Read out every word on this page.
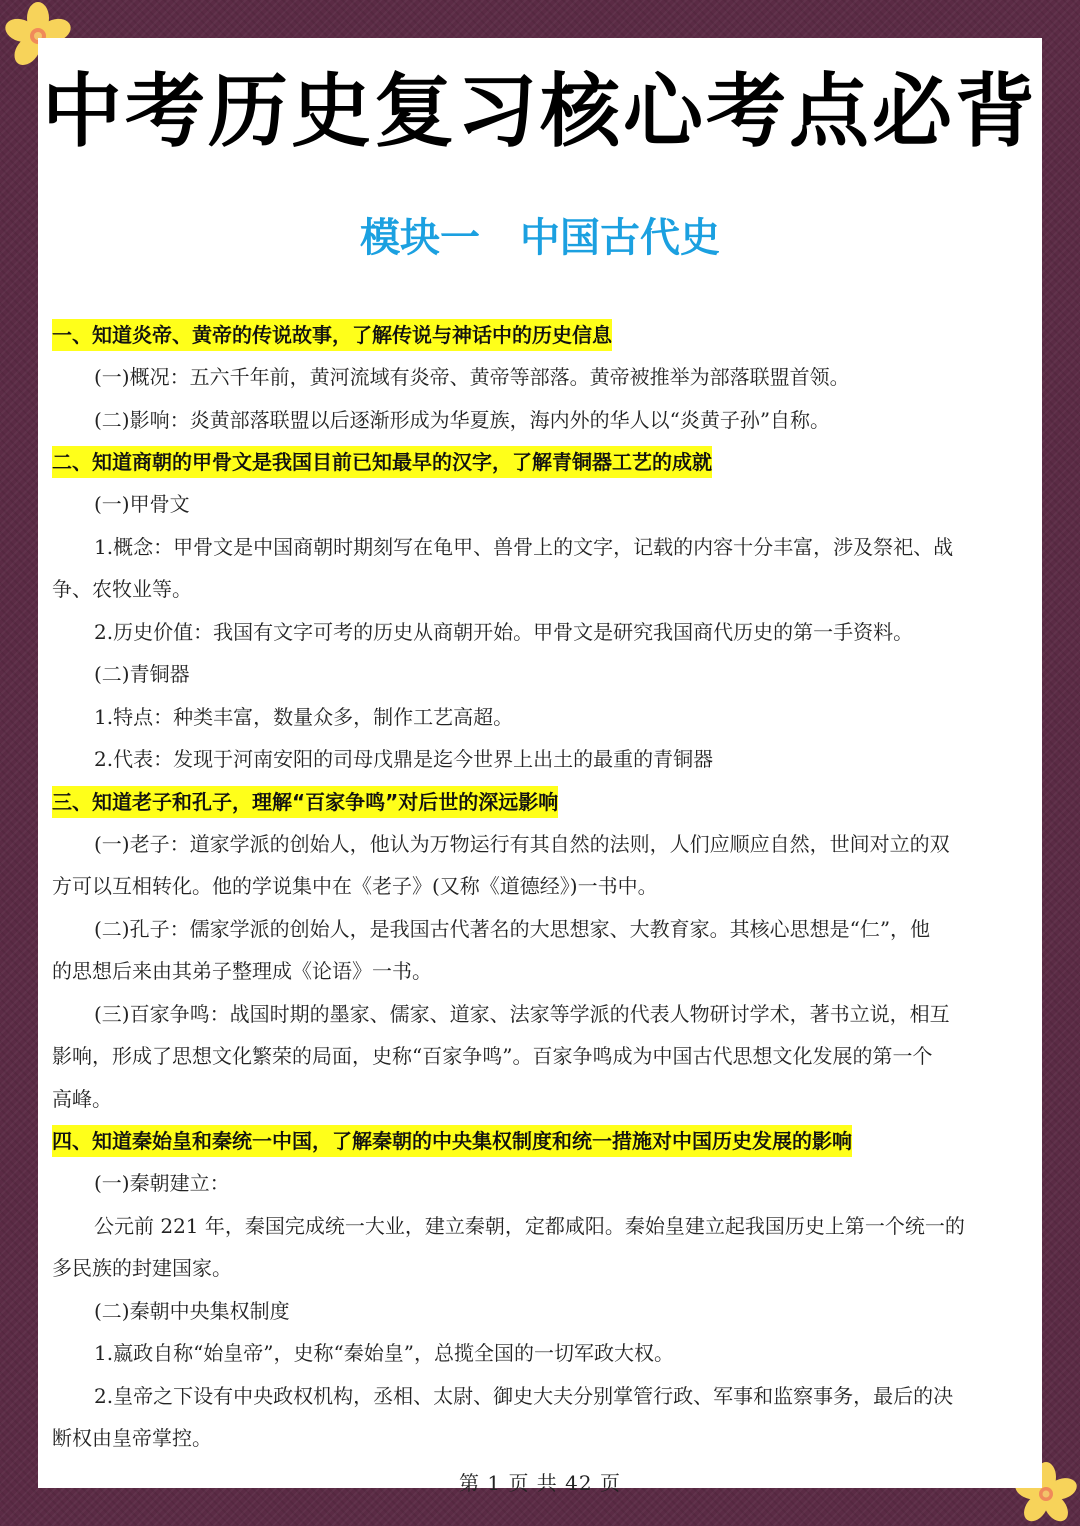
中考历史复习核心考点必背
模块一 中国古代史
一、知道炎帝、黄帝的传说故事，了解传说与神话中的历史信息
(一)概况：五六千年前，黄河流域有炎帝、黄帝等部落。黄帝被推举为部落联盟首领。
(二)影响：炎黄部落联盟以后逐渐形成为华夏族，海内外的华人以“炎黄子孙”自称。
二、知道商朝的甲骨文是我国目前已知最早的汉字，了解青铜器工艺的成就
(一)甲骨文
1.概念：甲骨文是中国商朝时期刻写在龟甲、兽骨上的文字，记载的内容十分丰富，涉及祭祀、战
争、农牧业等。
2.历史价值：我国有文字可考的历史从商朝开始。甲骨文是研究我国商代历史的第一手资料。
(二)青铜器
1.特点：种类丰富，数量众多，制作工艺高超。
2.代表：发现于河南安阳的司母戊鼎是迄今世界上出土的最重的青铜器
三、知道老子和孔子，理解“百家争鸣”对后世的深远影响
(一)老子：道家学派的创始人，他认为万物运行有其自然的法则，人们应顺应自然，世间对立的双
方可以互相转化。他的学说集中在《老子》(又称《道德经》)一书中。
(二)孔子：儒家学派的创始人，是我国古代著名的大思想家、大教育家。其核心思想是“仁”，他
的思想后来由其弟子整理成《论语》一书。
(三)百家争鸣：战国时期的墨家、儒家、道家、法家等学派的代表人物研讨学术，著书立说，相互
影响，形成了思想文化繁荣的局面，史称“百家争鸣”。百家争鸣成为中国古代思想文化发展的第一个
高峰。
四、知道秦始皇和秦统一中国，了解秦朝的中央集权制度和统一措施对中国历史发展的影响
(一)秦朝建立：
公元前 221 年，秦国完成统一大业，建立秦朝，定都咸阳。秦始皇建立起我国历史上第一个统一的
多民族的封建国家。
(二)秦朝中央集权制度
1.嬴政自称“始皇帝”，史称“秦始皇”，总揽全国的一切军政大权。
2.皇帝之下设有中央政权机构，丞相、太尉、御史大夫分别掌管行政、军事和监察事务，最后的决
断权由皇帝掌控。
第 1 页 共 42 页
